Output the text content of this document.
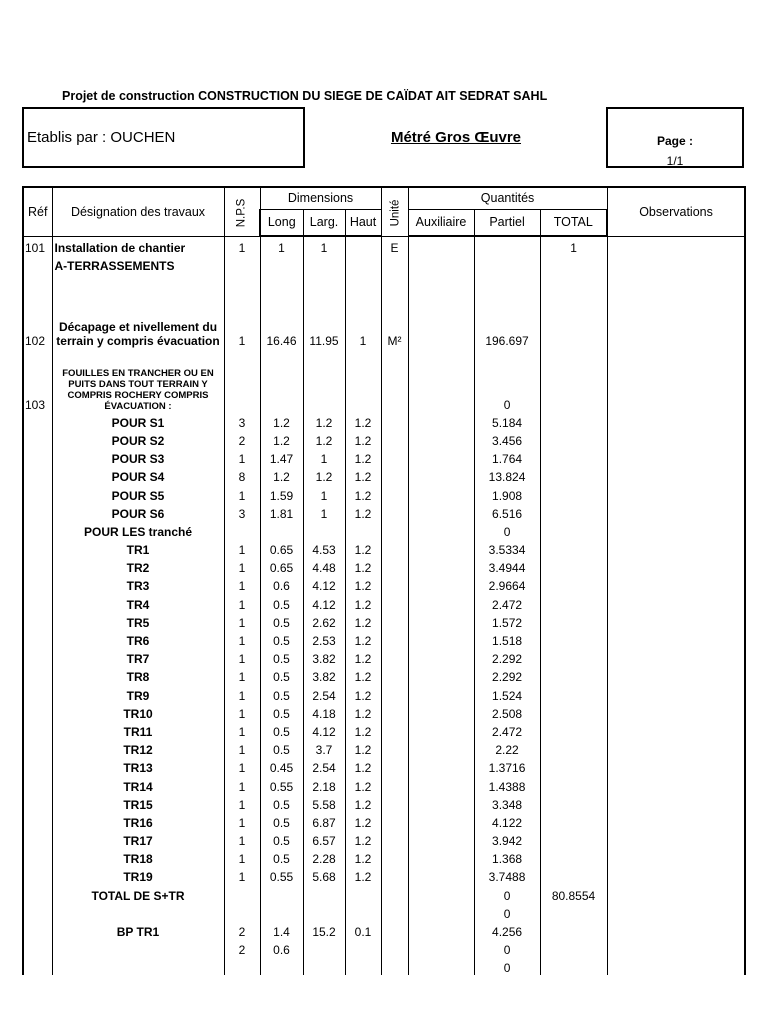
Projet de construction CONSTRUCTION DU SIEGE DE CAÏDAT AIT SEDRAT SAHL
Etablis par : OUCHEN	Métré Gros Œuvre	Page :
1/1
Réf	Désignation des travaux	N.P.S	Dimensions			Unité	Quantités			Observations
			Long	Larg.	Haut		Auxiliaire	Partiel	TOTAL	
101	Installation de chantier	1	1	1		E			1	
	A-TERRASSEMENTS									

102	Décapage et nivellement du terrain y compris évacuation	1	16.46	11.95	1	M²		196.697		
103	FOUILLES EN TRANCHER OU EN PUITS DANS TOUT TERRAIN Y COMPRIS ROCHERY COMPRIS ÉVACUATION :							0		
	POUR S1	3	1.2	1.2	1.2			5.184		
	POUR S2	2	1.2	1.2	1.2			3.456		
	POUR S3	1	1.47	1	1.2			1.764		
	POUR S4	8	1.2	1.2	1.2			13.824		
	POUR S5	1	1.59	1	1.2			1.908		
	POUR S6	3	1.81	1	1.2			6.516		
	POUR LES tranché							0		
	TR1	1	0.65	4.53	1.2			3.5334		
	TR2	1	0.65	4.48	1.2			3.4944		
	TR3	1	0.6	4.12	1.2			2.9664		
	TR4	1	0.5	4.12	1.2			2.472		
	TR5	1	0.5	2.62	1.2			1.572		
	TR6	1	0.5	2.53	1.2			1.518		
	TR7	1	0.5	3.82	1.2			2.292		
	TR8	1	0.5	3.82	1.2			2.292		
	TR9	1	0.5	2.54	1.2			1.524		
	TR10	1	0.5	4.18	1.2			2.508		
	TR11	1	0.5	4.12	1.2			2.472		
	TR12	1	0.5	3.7	1.2			2.22		
	TR13	1	0.45	2.54	1.2			1.3716		
	TR14	1	0.55	2.18	1.2			1.4388		
	TR15	1	0.5	5.58	1.2			3.348		
	TR16	1	0.5	6.87	1.2			4.122		
	TR17	1	0.5	6.57	1.2			3.942		
	TR18	1	0.5	2.28	1.2			1.368		
	TR19	1	0.55	5.68	1.2			3.7488		
	TOTAL DE S+TR							0	80.8554	
								0		
	BP TR1	2	1.4	15.2	0.1			4.256		
		2	0.6					0		
								0		
